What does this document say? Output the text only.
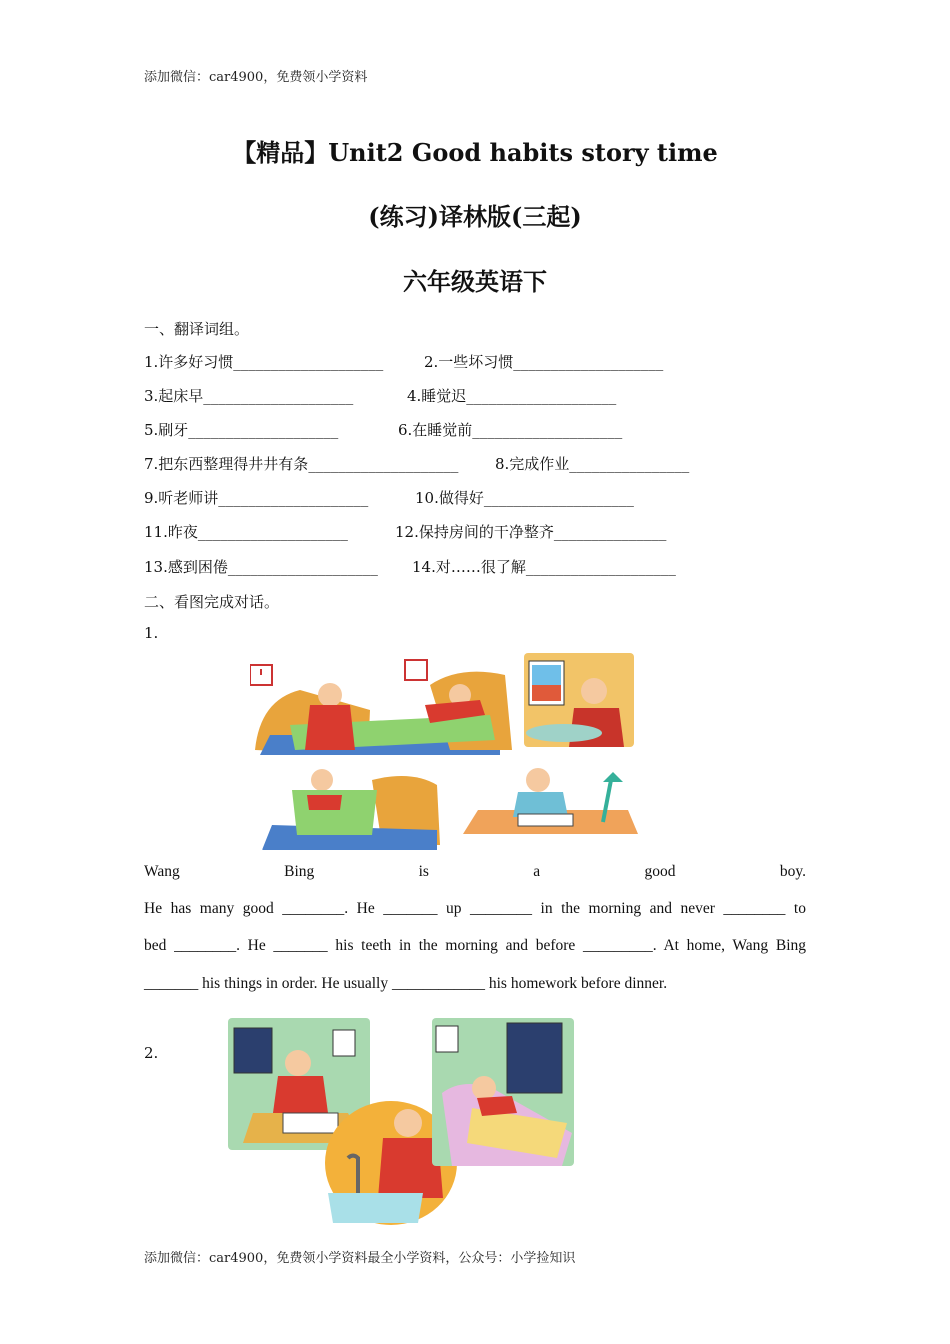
添加微信：car4900，免费领小学资料
【精品】Unit2 Good habits story time
(练习)译林版(三起)
六年级英语下
一、翻译词组。
1.许多好习惯____________________	2.一些坏习惯____________________
3.起床早____________________	4.睡觉迟____________________
5.刷牙____________________	6.在睡觉前____________________
7.把东西整理得井井有条____________________ 8.完成作业________________
9.听老师讲____________________	10.做得好____________________
11.昨夜____________________	12.保持房间的干净整齐_______________
13.感到困倦____________________ 14.对……很了解____________________
二、看图完成对话。
1.
Wang Bing is a good boy.
He has many good ________. He _______ up ________ in the morning and never ________ to
bed ________. He _______ his teeth in the morning and before _________. At home, Wang Bing
_______ his things in order. He usually ____________ his homework before dinner.
2.
添加微信：car4900，免费领小学资料最全小学资料，公众号：小学捡知识
